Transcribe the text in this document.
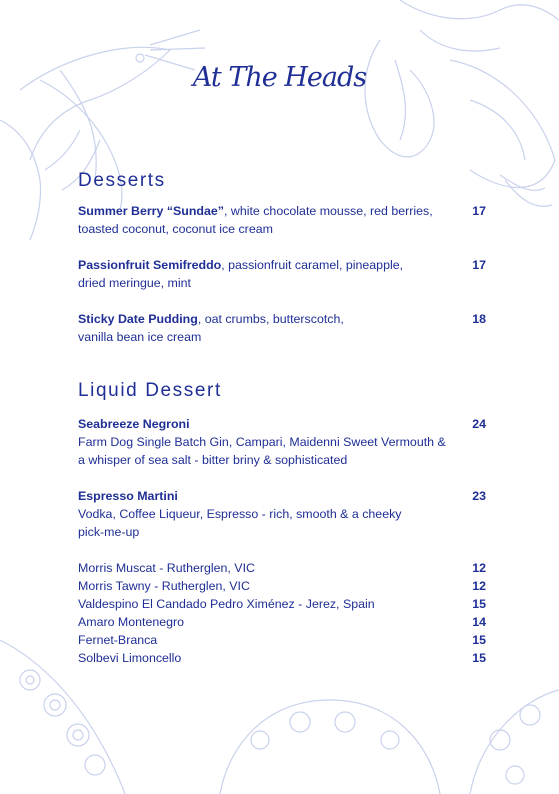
At The Heads
Desserts
Summer Berry “Sundae”, white chocolate mousse, red berries, toasted coconut, coconut ice cream
17
Passionfruit Semifreddo, passionfruit caramel, pineapple, dried meringue, mint
17
Sticky Date Pudding, oat crumbs, butterscotch, vanilla bean ice cream
18
Liquid Dessert
Seabreeze Negroni
Farm Dog Single Batch Gin, Campari, Maidenni Sweet Vermouth & a whisper of sea salt - bitter briny & sophisticated
24
Espresso Martini
Vodka, Coffee Liqueur, Espresso - rich, smooth & a cheeky pick-me-up
23
Morris Muscat - Rutherglen, VIC	12
Morris Tawny - Rutherglen, VIC	12
Valdespino El Candado Pedro Ximénez - Jerez, Spain	15
Amaro Montenegro	14
Fernet-Branca	15
Solbevi Limoncello	15
